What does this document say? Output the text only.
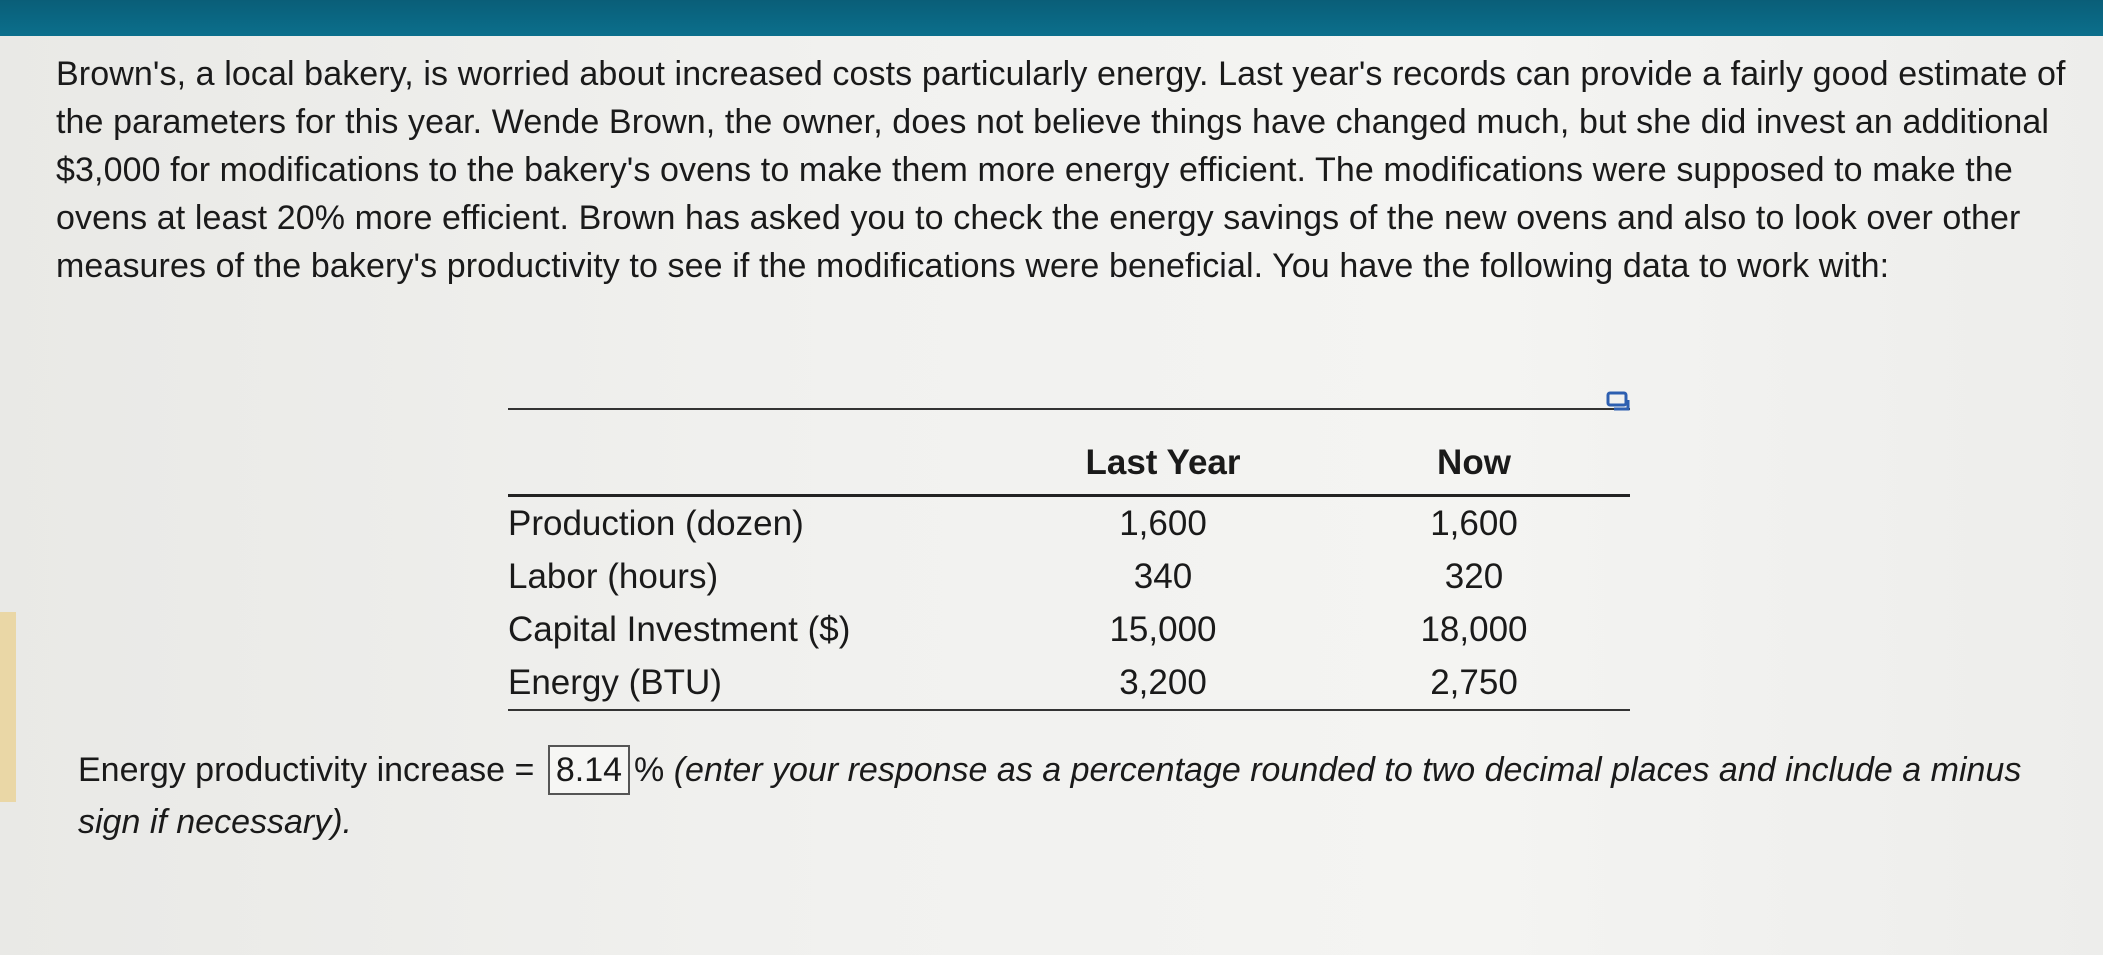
Brown's, a local bakery, is worried about increased costs particularly energy. Last year's records can provide a fairly good estimate of the parameters for this year. Wende Brown, the owner, does not believe things have changed much, but she did invest an additional $3,000 for modifications to the bakery's ovens to make them more energy efficient. The modifications were supposed to make the ovens at least 20% more efficient. Brown has asked you to check the energy savings of the new ovens and also to look over other measures of the bakery's productivity to see if the modifications were beneficial. You have the following data to work with:

	Last Year	Now
Production (dozen)	1,600	1,600
Labor (hours)	340	320
Capital Investment ($)	15,000	18,000
Energy (BTU)	3,200	2,750
Energy productivity increase = 8.14 % (enter your response as a percentage rounded to two decimal places and include a minus sign if necessary).
